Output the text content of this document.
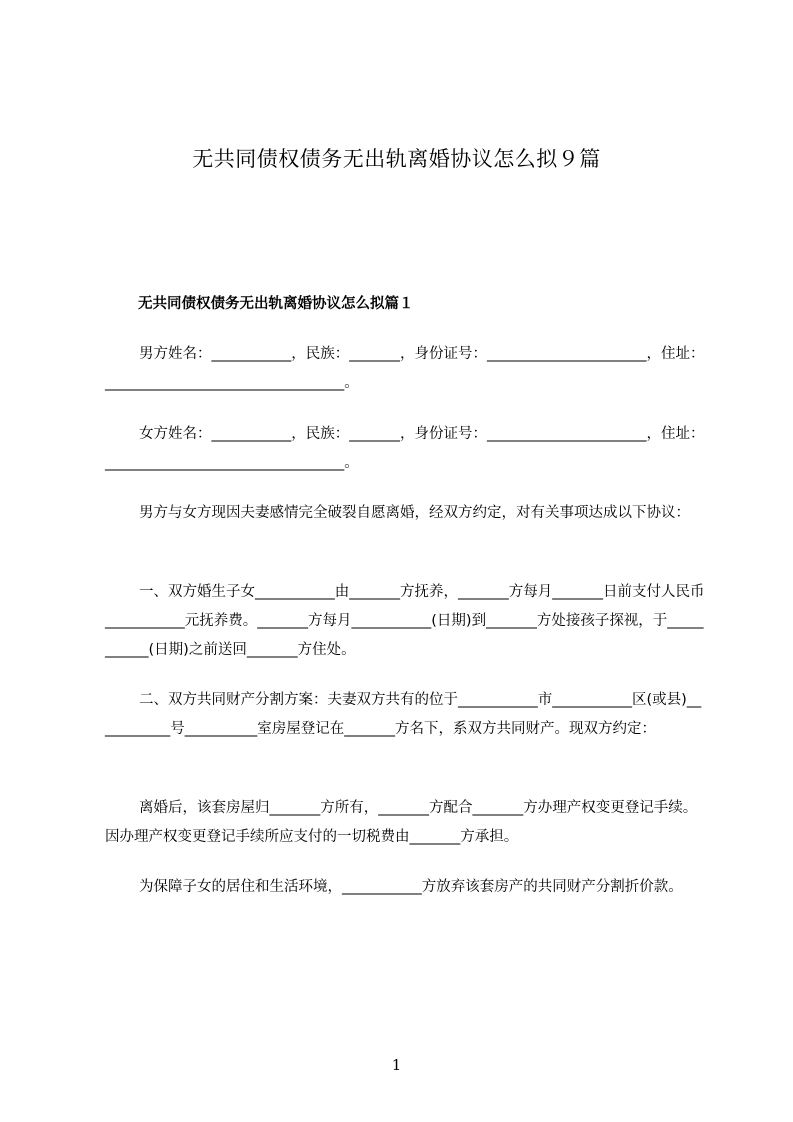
无共同债权债务无出轨离婚协议怎么拟９篇
无共同债权债务无出轨离婚协议怎么拟篇１

男方姓名：___________，民族：_______，身份证号：______________________，住址：_________________________________。

女方姓名：___________，民族：_______，身份证号：______________________，住址：_________________________________。

男方与女方现因夫妻感情完全破裂自愿离婚，经双方约定，对有关事项达成以下协议：

一、双方婚生子女___________由_______方抚养，_______方每月_______日前支付人民币___________元抚养费。_______方每月___________(日期)到_______方处接孩子探视，于___________(日期)之前送回_______方住处。

二、双方共同财产分割方案：夫妻双方共有的位于___________市___________区(或县)___________号__________室房屋登记在_______方名下，系双方共同财产。现双方约定：

离婚后，该套房屋归_______方所有，_______方配合_______方办理产权变更登记手续。因办理产权变更登记手续所应支付的一切税费由_______方承担。

为保障子女的居住和生活环境，___________方放弃该套房产的共同财产分割折价款。

1
